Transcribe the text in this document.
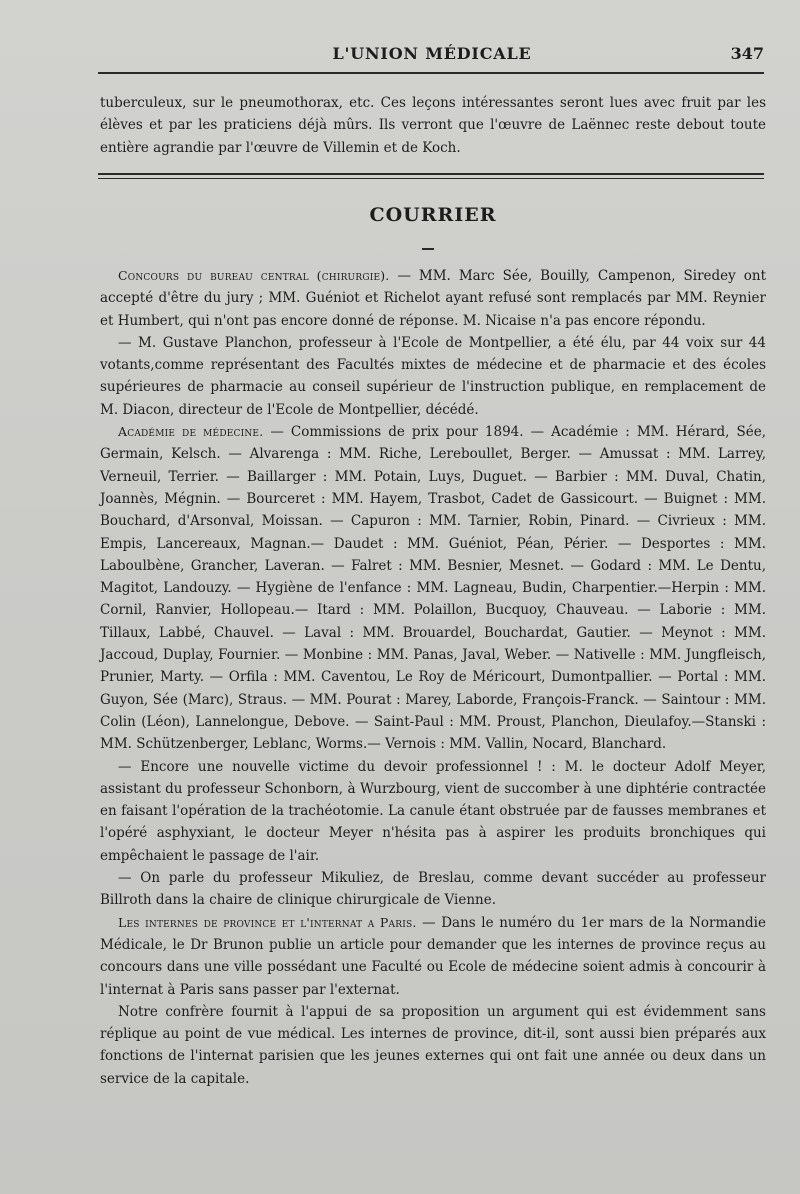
L'UNION MÉDICALE	347

tuberculeux, sur le pneumothorax, etc. Ces leçons intéressantes seront lues avec fruit par les élèves et par les praticiens déjà mûrs. Ils verront que l'œuvre de Laënnec reste debout toute entière agrandie par l'œuvre de Villemin et de Koch.

COURRIER

Concours du bureau central (chirurgie). — MM. Marc Sée, Bouilly, Campenon, Siredey ont accepté d'être du jury ; MM. Guéniot et Richelot ayant refusé sont remplacés par MM. Reynier et Humbert, qui n'ont pas encore donné de réponse. M. Nicaise n'a pas encore répondu.

— M. Gustave Planchon, professeur à l'Ecole de Montpellier, a été élu, par 44 voix sur 44 votants,comme représentant des Facultés mixtes de médecine et de pharmacie et des écoles supérieures de pharmacie au conseil supérieur de l'instruction publique, en remplacement de M. Diacon, directeur de l'Ecole de Montpellier, décédé.

Académie de médecine. — Commissions de prix pour 1894. — Académie : MM. Hérard, Sée, Germain, Kelsch. — Alvarenga : MM. Riche, Lereboullet, Berger. — Amussat : MM. Larrey, Verneuil, Terrier. — Baillarger : MM. Potain, Luys, Duguet. — Barbier : MM. Duval, Chatin, Joannès, Mégnin. — Bourceret : MM. Hayem, Trasbot, Cadet de Gassicourt. — Buignet : MM. Bouchard, d'Arsonval, Moissan. — Capuron : MM. Tarnier, Robin, Pinard. — Civrieux : MM. Empis, Lancereaux, Magnan.— Daudet : MM. Guéniot, Péan, Périer. — Desportes : MM. Laboulbène, Grancher, Laveran. — Falret : MM. Besnier, Mesnet. — Godard : MM. Le Dentu, Magitot, Landouzy. — Hygiène de l'enfance : MM. Lagneau, Budin, Charpentier.—Herpin : MM. Cornil, Ranvier, Hollopeau.— Itard : MM. Polaillon, Bucquoy, Chauveau. — Laborie : MM. Tillaux, Labbé, Chauvel. — Laval : MM. Brouardel, Bouchardat, Gautier. — Meynot : MM. Jaccoud, Duplay, Fournier. — Monbine : MM. Panas, Javal, Weber. — Nativelle : MM. Jungfleisch, Prunier, Marty. — Orfila : MM. Caventou, Le Roy de Méricourt, Dumontpallier. — Portal : MM. Guyon, Sée (Marc), Straus. — MM. Pourat : Marey, Laborde, François-Franck. — Saintour : MM. Colin (Léon), Lannelongue, Debove. — Saint-Paul : MM. Proust, Planchon, Dieulafoy.—Stanski : MM. Schützenberger, Leblanc, Worms.— Vernois : MM. Vallin, Nocard, Blanchard.

— Encore une nouvelle victime du devoir professionnel ! : M. le docteur Adolf Meyer, assistant du professeur Schonborn, à Wurzbourg, vient de succomber à une diphtérie contractée en faisant l'opération de la trachéotomie. La canule étant obstruée par de fausses membranes et l'opéré asphyxiant, le docteur Meyer n'hésita pas à aspirer les produits bronchiques qui empêchaient le passage de l'air.

— On parle du professeur Mikuliez, de Breslau, comme devant succéder au professeur Billroth dans la chaire de clinique chirurgicale de Vienne.

Les internes de province et l'internat a Paris. — Dans le numéro du 1er mars de la Normandie Médicale, le Dr Brunon publie un article pour demander que les internes de province reçus au concours dans une ville possédant une Faculté ou Ecole de médecine soient admis à concourir à l'internat à Paris sans passer par l'externat.

Notre confrère fournit à l'appui de sa proposition un argument qui est évidemment sans réplique au point de vue médical. Les internes de province, dit-il, sont aussi bien préparés aux fonctions de l'internat parisien que les jeunes externes qui ont fait une année ou deux dans un service de la capitale.
